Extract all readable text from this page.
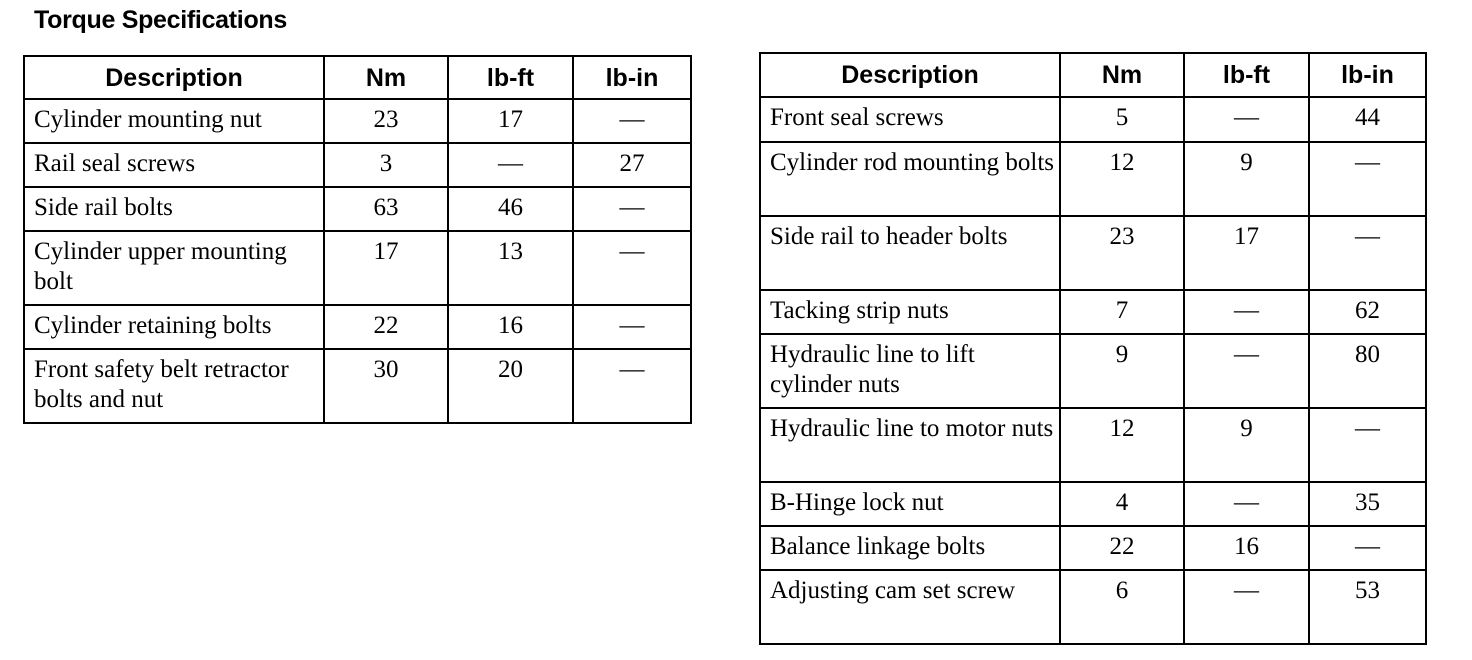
Torque Specifications
Description	Nm	lb-ft	lb-in
Cylinder mounting nut	23	17	—
Rail seal screws	3	—	27
Side rail bolts	63	46	—
Cylinder upper mounting bolt	17	13	—
Cylinder retaining bolts	22	16	—
Front safety belt retractor bolts and nut	30	20	—
Description	Nm	lb-ft	lb-in
Front seal screws	5	—	44
Cylinder rod mounting bolts	12	9	—
Side rail to header bolts	23	17	—
Tacking strip nuts	7	—	62
Hydraulic line to lift cylinder nuts	9	—	80
Hydraulic line to motor nuts	12	9	—
B-Hinge lock nut	4	—	35
Balance linkage bolts	22	16	—
Adjusting cam set screw	6	—	53
